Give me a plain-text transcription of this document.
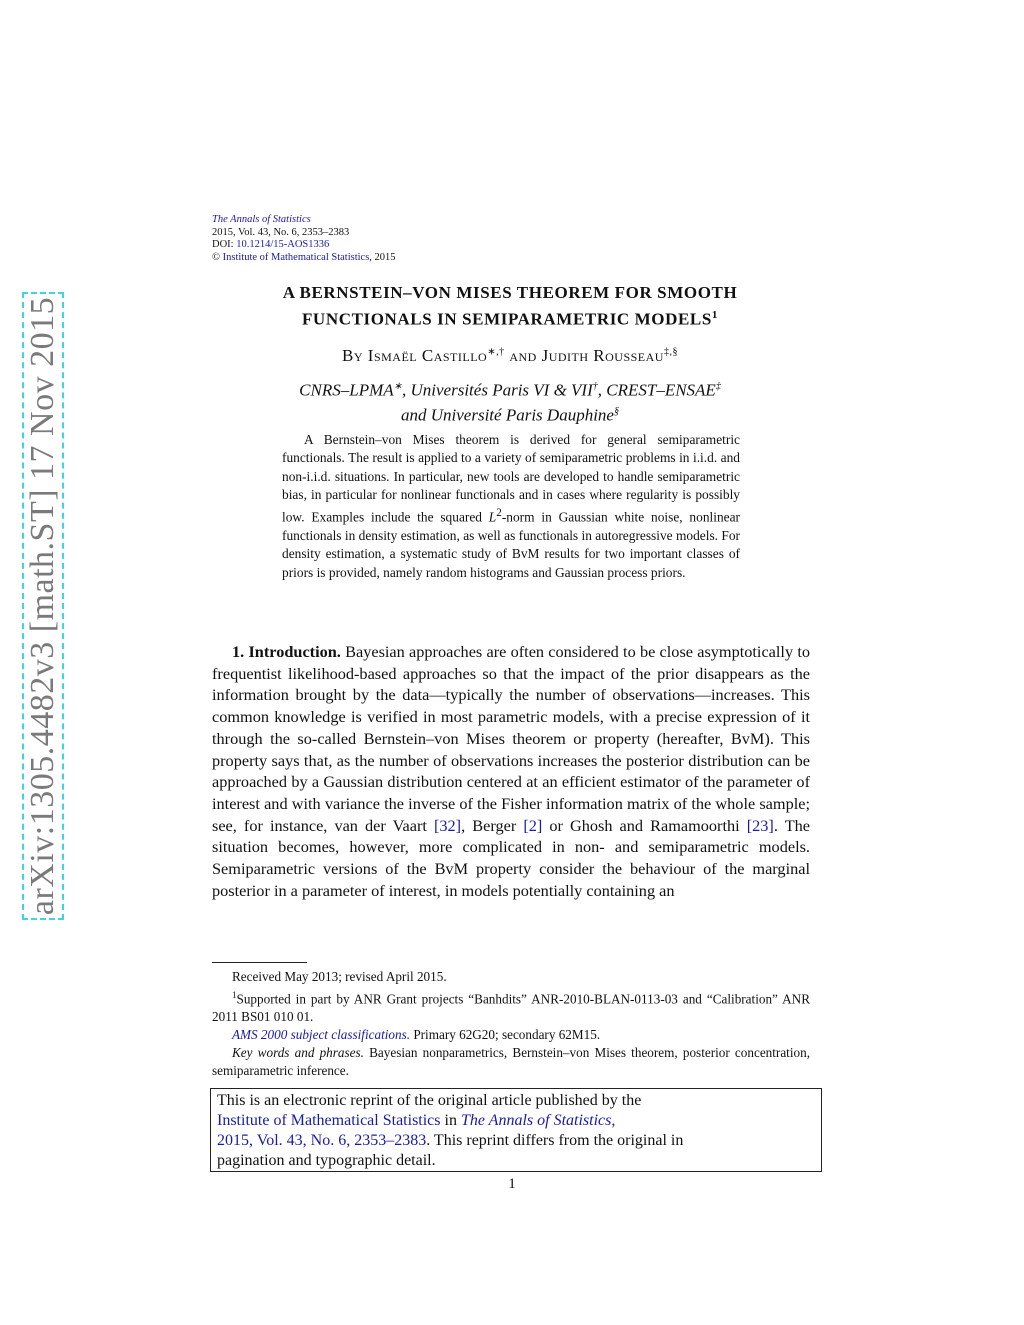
arXiv:1305.4482v3 [math.ST] 17 Nov 2015
The Annals of Statistics
2015, Vol. 43, No. 6, 2353–2383
DOI: 10.1214/15-AOS1336
© Institute of Mathematical Statistics, 2015
A BERNSTEIN–VON MISES THEOREM FOR SMOOTH
FUNCTIONALS IN SEMIPARAMETRIC MODELS$^1$
By Ismaël Castillo∗,† and Judith Rousseau‡,§
CNRS–LPMA∗, Universités Paris VI & VII†, CREST–ENSAE‡
and Université Paris Dauphine§
A Bernstein–von Mises theorem is derived for general semiparametric functionals. The result is applied to a variety of semiparametric problems in i.i.d. and non-i.i.d. situations. In particular, new tools are developed to handle semiparametric bias, in particular for nonlinear functionals and in cases where regularity is possibly low. Examples include the squared $L^2$-norm in Gaussian white noise, nonlinear functionals in density estimation, as well as functionals in autoregressive models. For density estimation, a systematic study of BvM results for two important classes of priors is provided, namely random histograms and Gaussian process priors.
1. Introduction. Bayesian approaches are often considered to be close asymptotically to frequentist likelihood-based approaches so that the impact of the prior disappears as the information brought by the data—typically the number of observations—increases. This common knowledge is verified in most parametric models, with a precise expression of it through the so-called Bernstein–von Mises theorem or property (hereafter, BvM). This property says that, as the number of observations increases the posterior distribution can be approached by a Gaussian distribution centered at an efficient estimator of the parameter of interest and with variance the inverse of the Fisher information matrix of the whole sample; see, for instance, van der Vaart [32], Berger [2] or Ghosh and Ramamoorthi [23]. The situation becomes, however, more complicated in non- and semiparametric models. Semiparametric versions of the BvM property consider the behaviour of the marginal posterior in a parameter of interest, in models potentially containing an

Received May 2013; revised April 2015.

$^1$Supported in part by ANR Grant projects “Banhdits” ANR-2010-BLAN-0113-03 and “Calibration” ANR 2011 BS01 010 01.

AMS 2000 subject classifications. Primary 62G20; secondary 62M15.

Key words and phrases. Bayesian nonparametrics, Bernstein–von Mises theorem, posterior concentration, semiparametric inference.

This is an electronic reprint of the original article published by the
Institute of Mathematical Statistics in The Annals of Statistics,
2015, Vol. 43, No. 6, 2353–2383. This reprint differs from the original in
pagination and typographic detail.
1
